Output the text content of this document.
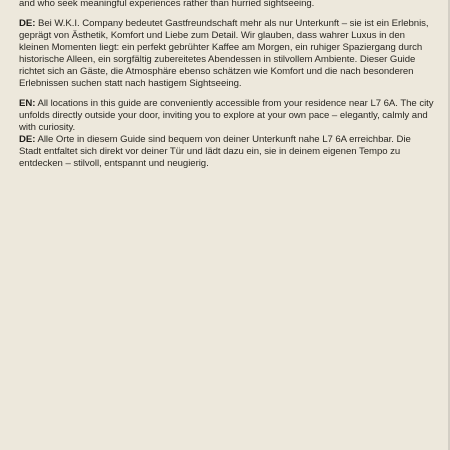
and who seek meaningful experiences rather than hurried sightseeing.

DE: Bei W.K.I. Company bedeutet Gastfreundschaft mehr als nur Unterkunft – sie ist ein Erlebnis, geprägt von Ästhetik, Komfort und Liebe zum Detail. Wir glauben, dass wahrer Luxus in den kleinen Momenten liegt: ein perfekt gebrühter Kaffee am Morgen, ein ruhiger Spaziergang durch historische Alleen, ein sorgfältig zubereitetes Abendessen in stilvollem Ambiente. Dieser Guide richtet sich an Gäste, die Atmosphäre ebenso schätzen wie Komfort und die nach besonderen Erlebnissen suchen statt nach hastigem Sightseeing.

EN: All locations in this guide are conveniently accessible from your residence near L7 6A. The city unfolds directly outside your door, inviting you to explore at your own pace – elegantly, calmly and with curiosity.

DE: Alle Orte in diesem Guide sind bequem von deiner Unterkunft nahe L7 6A erreichbar. Die Stadt entfaltet sich direkt vor deiner Tür und lädt dazu ein, sie in deinem eigenen Tempo zu entdecken – stilvoll, entspannt und neugierig.
